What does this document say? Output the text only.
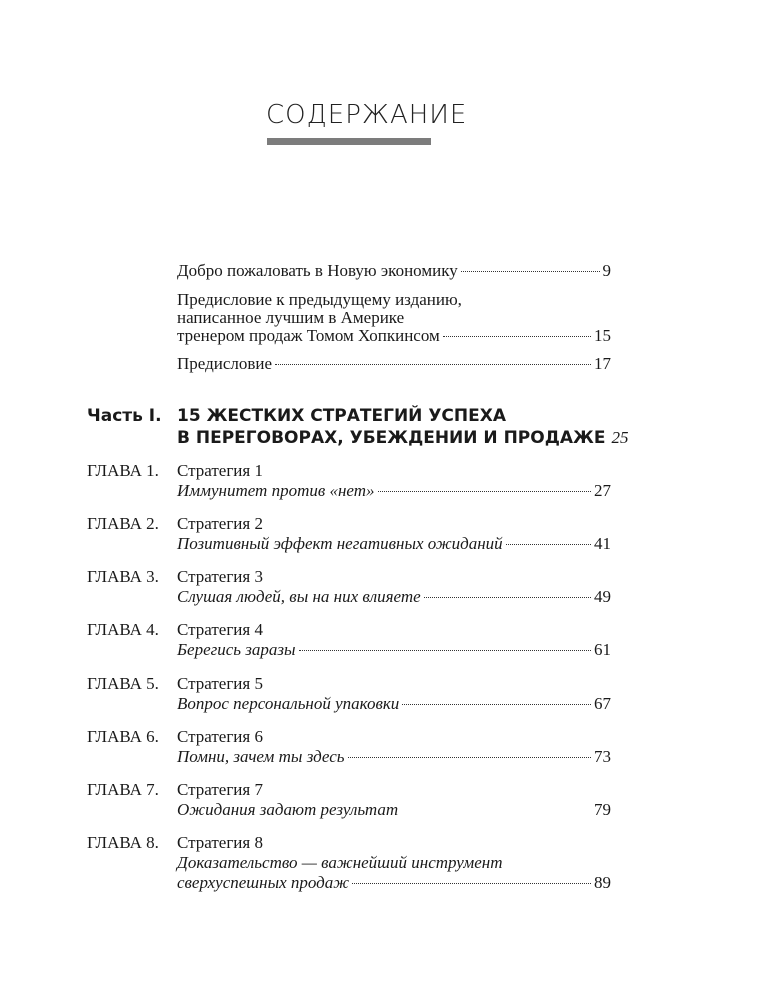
СОДЕРЖАНИЕ
Добро пожаловать в Новую экономику	9
Предисловие к предыдущему изданию,
написанное лучшим в Америке
тренером продаж Томом Хопкинсом	15
Предисловие	17
Часть I. 15 ЖЕСТКИХ СТРАТЕГИЙ УСПЕХА
В ПЕРЕГОВОРАХ, УБЕЖДЕНИИ И ПРОДАЖЕ 25
ГЛАВА 1. Стратегия 1
Иммунитет против «нет»	27
ГЛАВА 2. Стратегия 2
Позитивный эффект негативных ожиданий	41
ГЛАВА 3. Стратегия 3
Слушая людей, вы на них влияете	49
ГЛАВА 4. Стратегия 4
Берегись заразы	61
ГЛАВА 5. Стратегия 5
Вопрос персональной упаковки	67
ГЛАВА 6. Стратегия 6
Помни, зачем ты здесь	73
ГЛАВА 7. Стратегия 7
Ожидания задают результат	79
ГЛАВА 8. Стратегия 8
Доказательство — важнейший инструмент
сверхуспешных продаж	89
